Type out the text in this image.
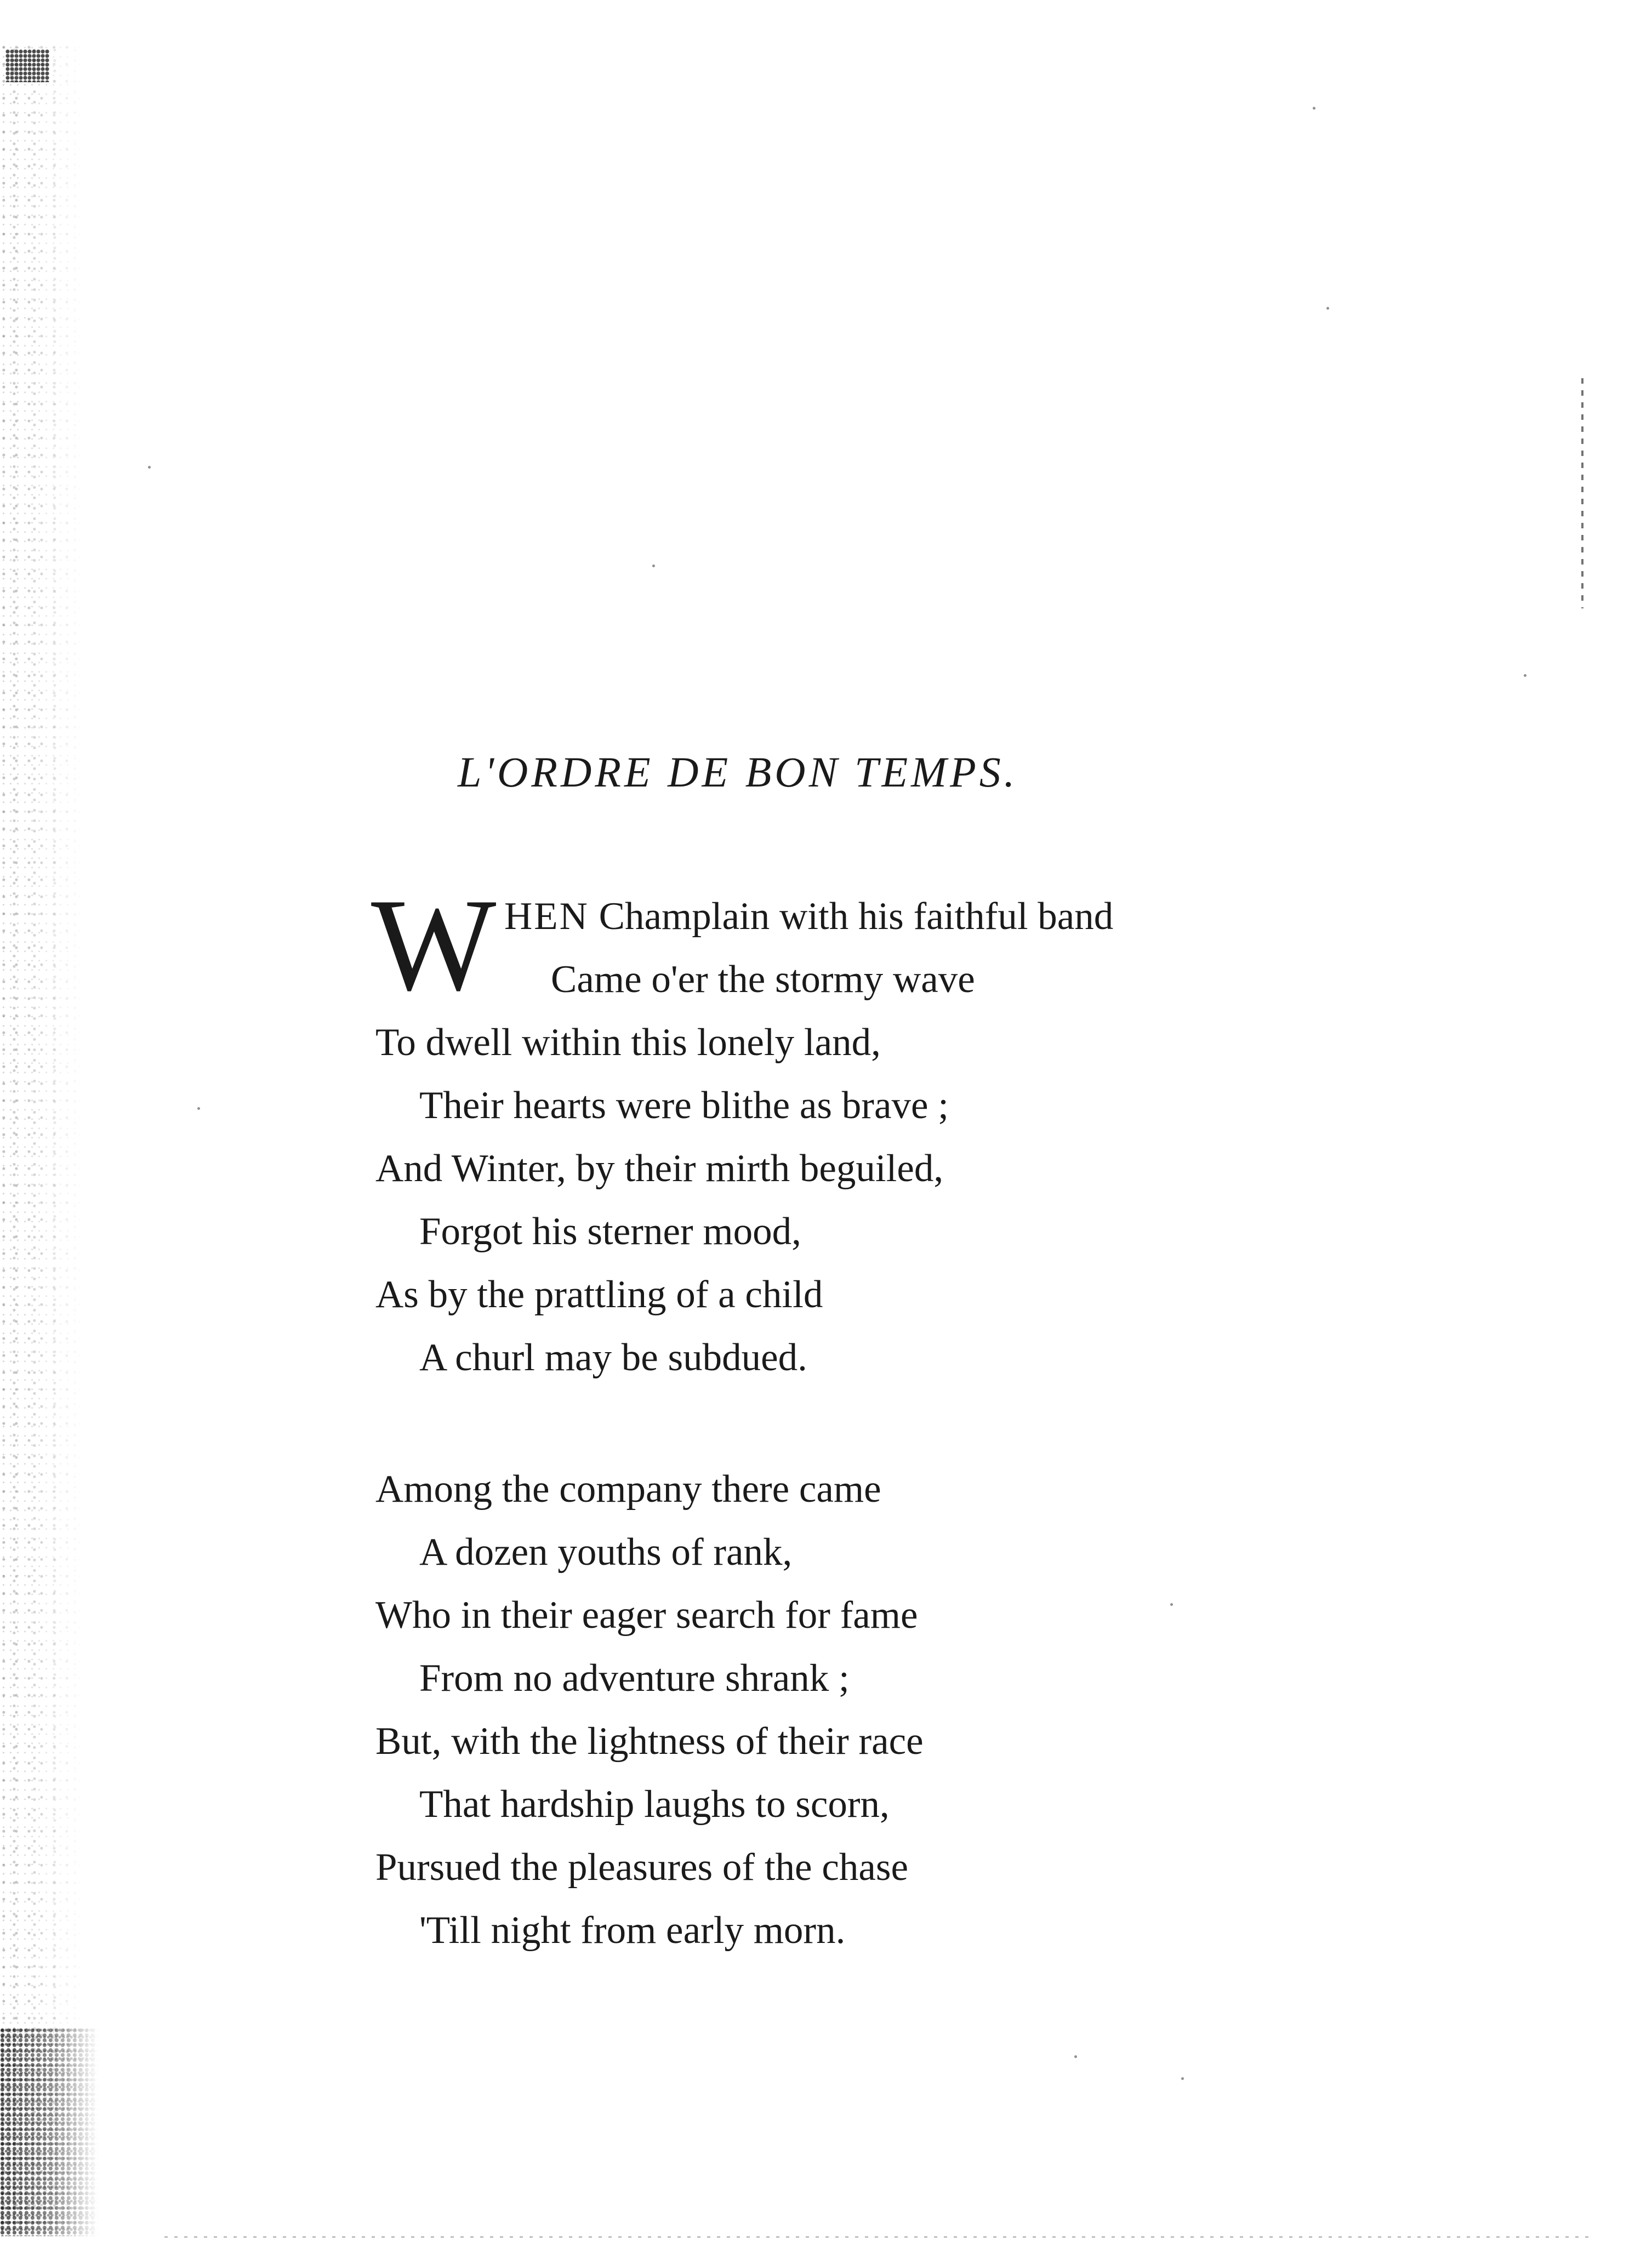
L'ORDRE DE BON TEMPS.
W HEN Champlain with his faithful band
Came o'er the stormy wave
To dwell within this lonely land,
Their hearts were blithe as brave ;
And Winter, by their mirth beguiled,
Forgot his sterner mood,
As by the prattling of a child
A churl may be subdued.
Among the company there came
A dozen youths of rank,
Who in their eager search for fame
From no adventure shrank ;
But, with the lightness of their race
That hardship laughs to scorn,
Pursued the pleasures of the chase
'Till night from early morn.
